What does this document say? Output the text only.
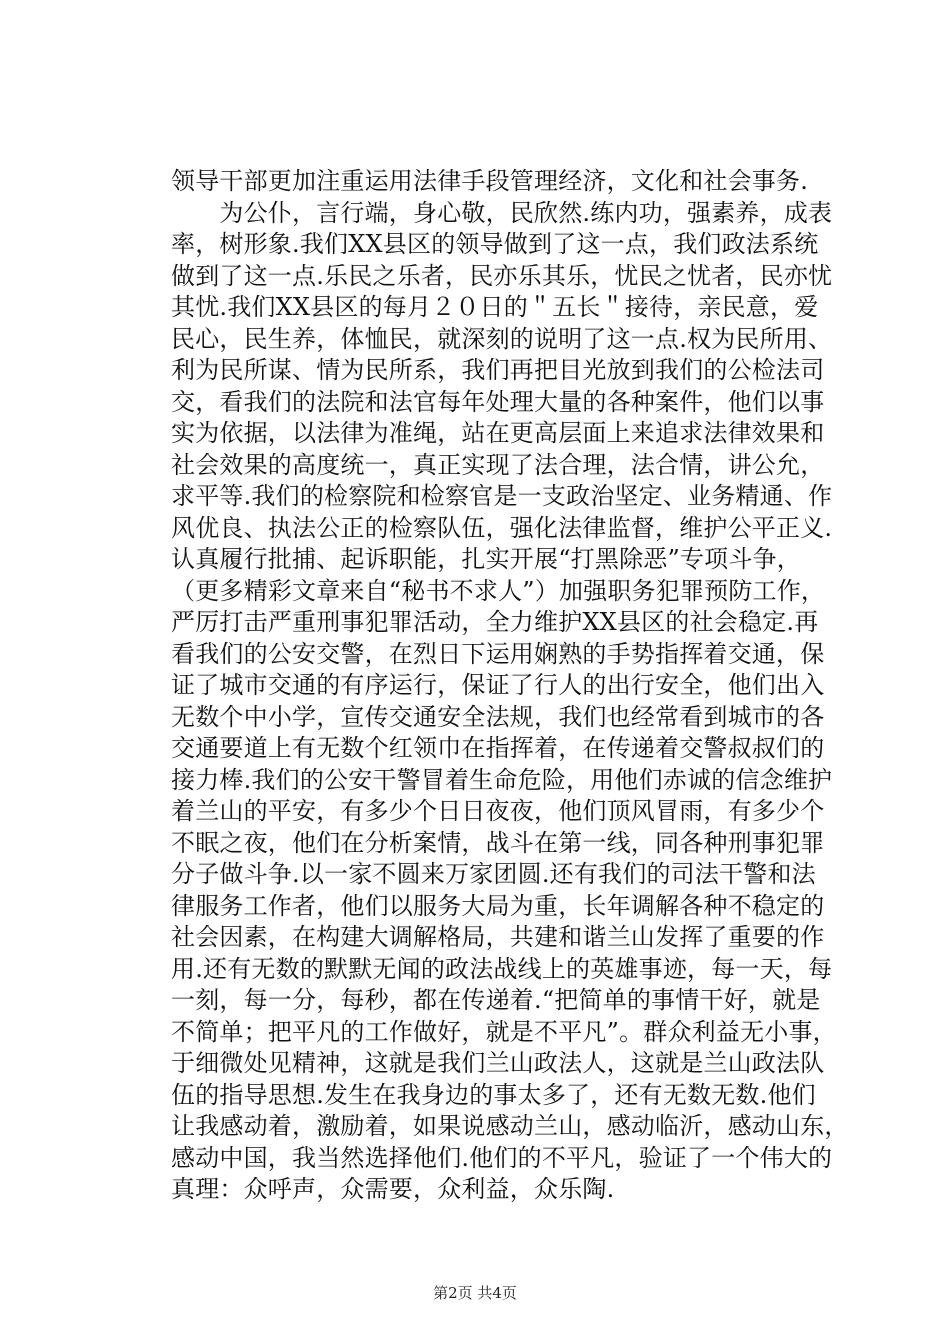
领导干部更加注重运用法律手段管理经济，文化和社会事务.
　　为公仆，言行端，身心敬，民欣然.练内功，强素养，成表
率，树形象.我们XX县区的领导做到了这一点，我们政法系统
做到了这一点.乐民之乐者，民亦乐其乐，忧民之忧者，民亦忧
其忧.我们XX县区的每月２０日的＂五长＂接待，亲民意，爱
民心，民生养，体恤民，就深刻的说明了这一点.权为民所用、
利为民所谋、情为民所系，我们再把目光放到我们的公检法司
交，看我们的法院和法官每年处理大量的各种案件，他们以事
实为依据，以法律为准绳，站在更高层面上来追求法律效果和
社会效果的高度统一，真正实现了法合理，法合情，讲公允，
求平等.我们的检察院和检察官是一支政治坚定、业务精通、作
风优良、执法公正的检察队伍，强化法律监督，维护公平正义.
认真履行批捕、起诉职能，扎实开展“打黑除恶”专项斗争，
（更多精彩文章来自“秘书不求人”）加强职务犯罪预防工作，
严厉打击严重刑事犯罪活动，全力维护XX县区的社会稳定.再
看我们的公安交警，在烈日下运用娴熟的手势指挥着交通，保
证了城市交通的有序运行，保证了行人的出行安全，他们出入
无数个中小学，宣传交通安全法规，我们也经常看到城市的各
交通要道上有无数个红领巾在指挥着，在传递着交警叔叔们的
接力棒.我们的公安干警冒着生命危险，用他们赤诚的信念维护
着兰山的平安，有多少个日日夜夜，他们顶风冒雨，有多少个
不眠之夜，他们在分析案情，战斗在第一线，同各种刑事犯罪
分子做斗争.以一家不圆来万家团圆.还有我们的司法干警和法
律服务工作者，他们以服务大局为重，长年调解各种不稳定的
社会因素，在构建大调解格局，共建和谐兰山发挥了重要的作
用.还有无数的默默无闻的政法战线上的英雄事迹，每一天，每
一刻，每一分，每秒，都在传递着.“把简单的事情干好，就是
不简单；把平凡的工作做好，就是不平凡”。群众利益无小事，
于细微处见精神，这就是我们兰山政法人，这就是兰山政法队
伍的指导思想.发生在我身边的事太多了，还有无数无数.他们
让我感动着，激励着，如果说感动兰山，感动临沂，感动山东，
感动中国，我当然选择他们.他们的不平凡，验证了一个伟大的
真理：众呼声，众需要，众利益，众乐陶.
第2页 共4页
